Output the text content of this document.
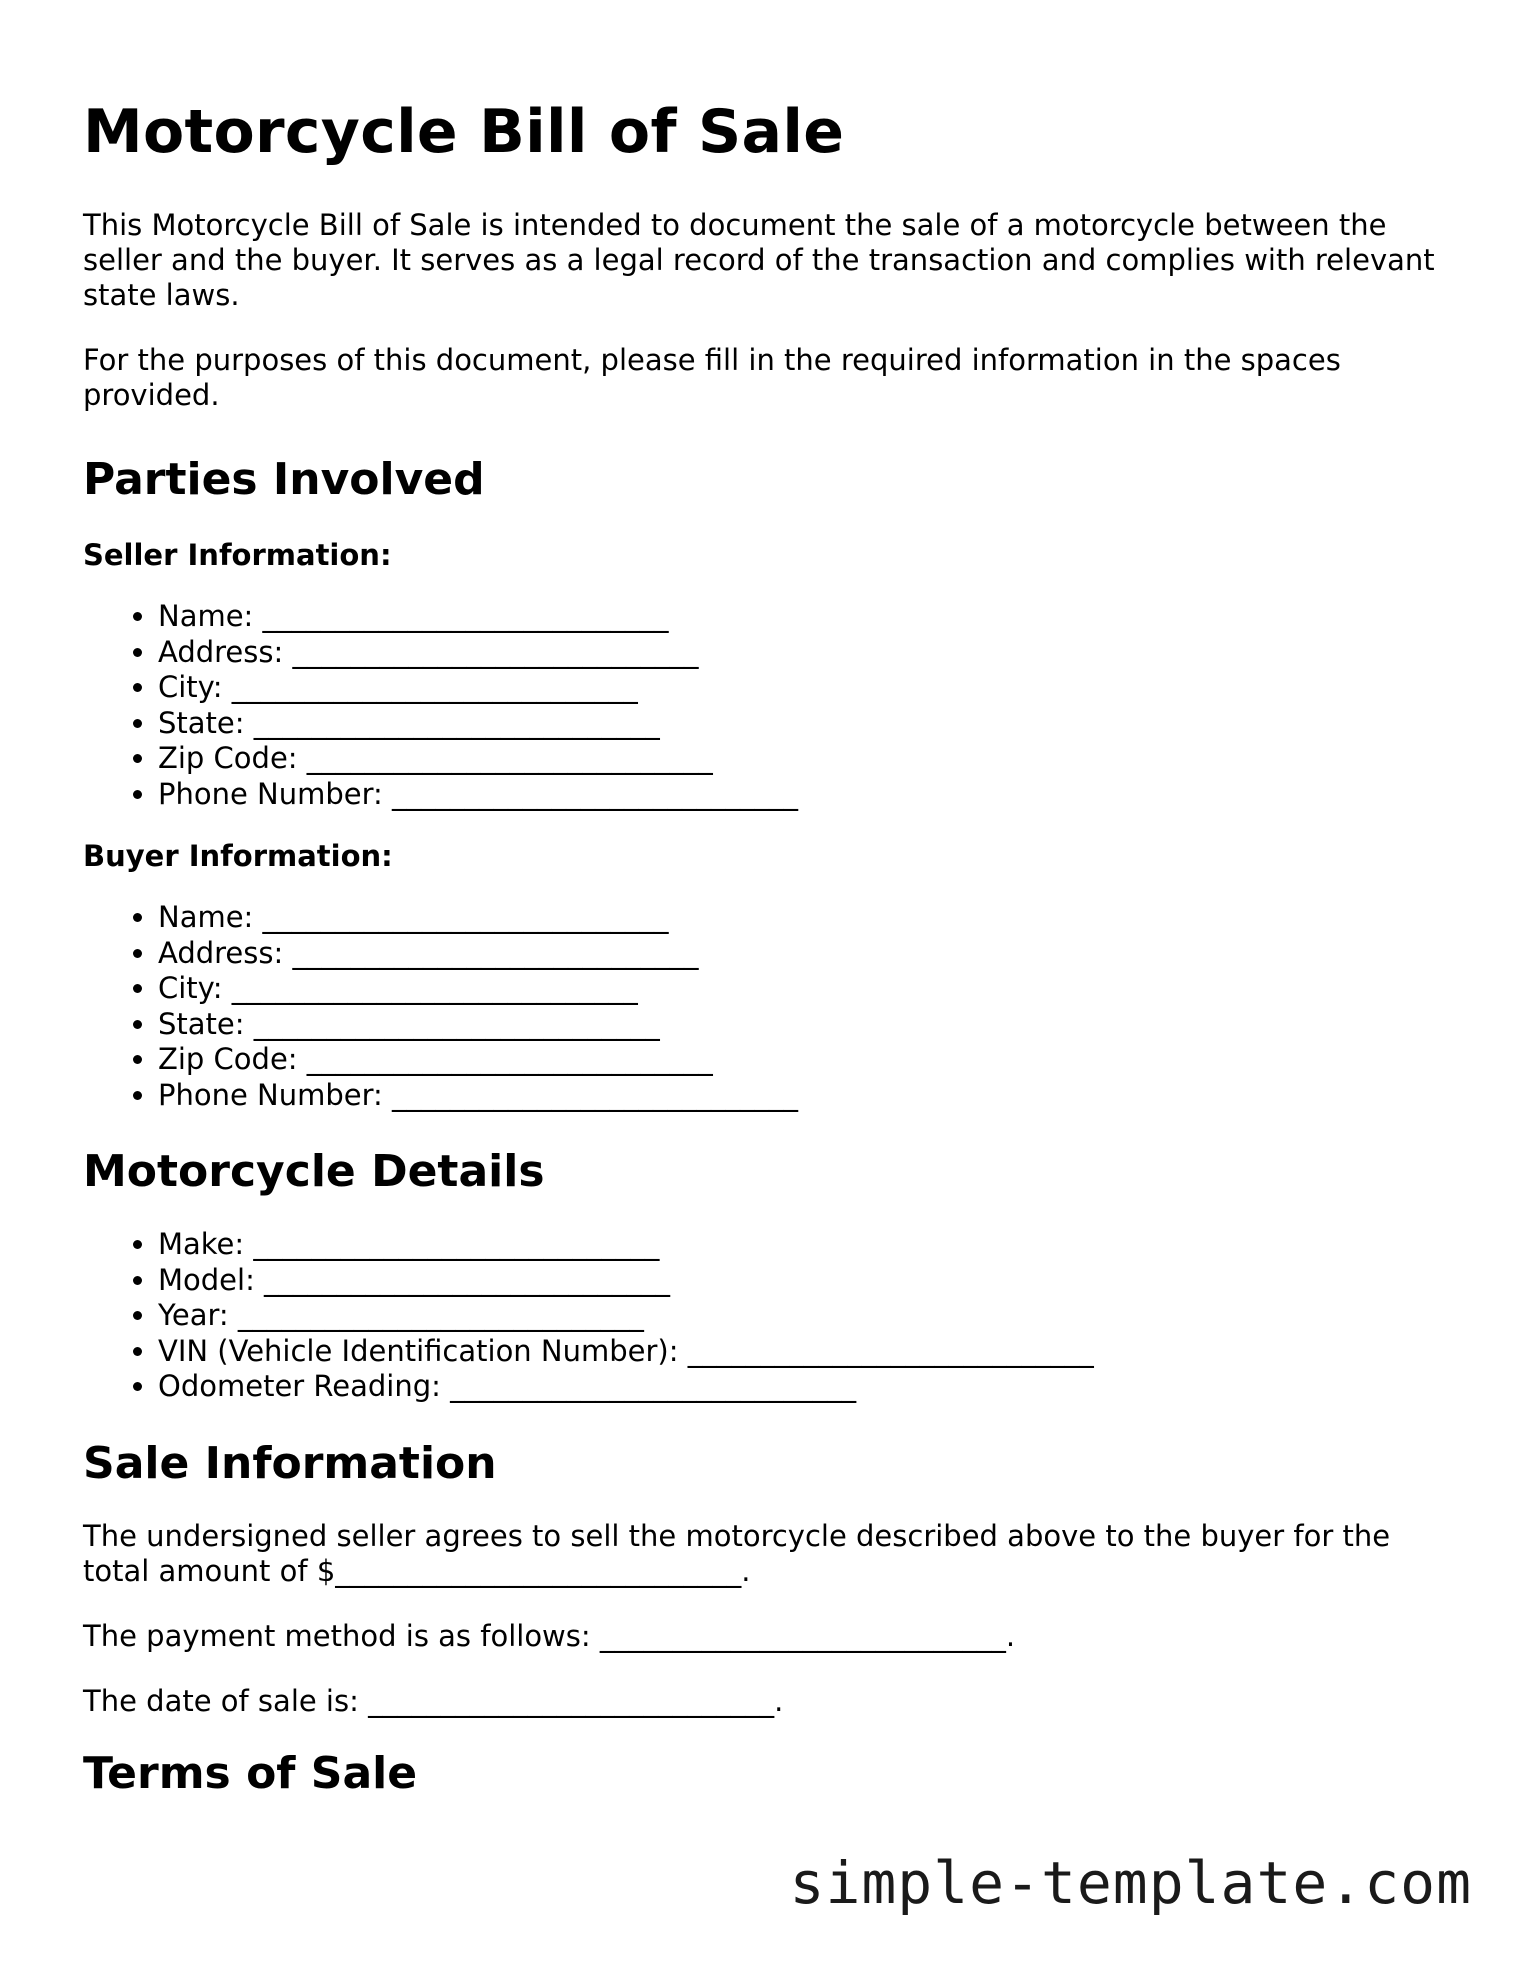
Motorcycle Bill of Sale

This Motorcycle Bill of Sale is intended to document the sale of a motorcycle between the seller and the buyer. It serves as a legal record of the transaction and complies with relevant state laws.

For the purposes of this document, please fill in the required information in the spaces provided.

Parties Involved
Seller Information:
• Name: ____________________________
• Address: ____________________________
• City: ____________________________
• State: ____________________________
• Zip Code: ____________________________
• Phone Number: ____________________________
Buyer Information:
• Name: ____________________________
• Address: ____________________________
• City: ____________________________
• State: ____________________________
• Zip Code: ____________________________
• Phone Number: ____________________________
Motorcycle Details
• Make: ____________________________
• Model: ____________________________
• Year: ____________________________
• VIN (Vehicle Identification Number): ____________________________
• Odometer Reading: ____________________________
Sale Information

The undersigned seller agrees to sell the motorcycle described above to the buyer for the total amount of $____________________________.

The payment method is as follows: ____________________________.

The date of sale is: ____________________________.

Terms of Sale
simple-template.com
